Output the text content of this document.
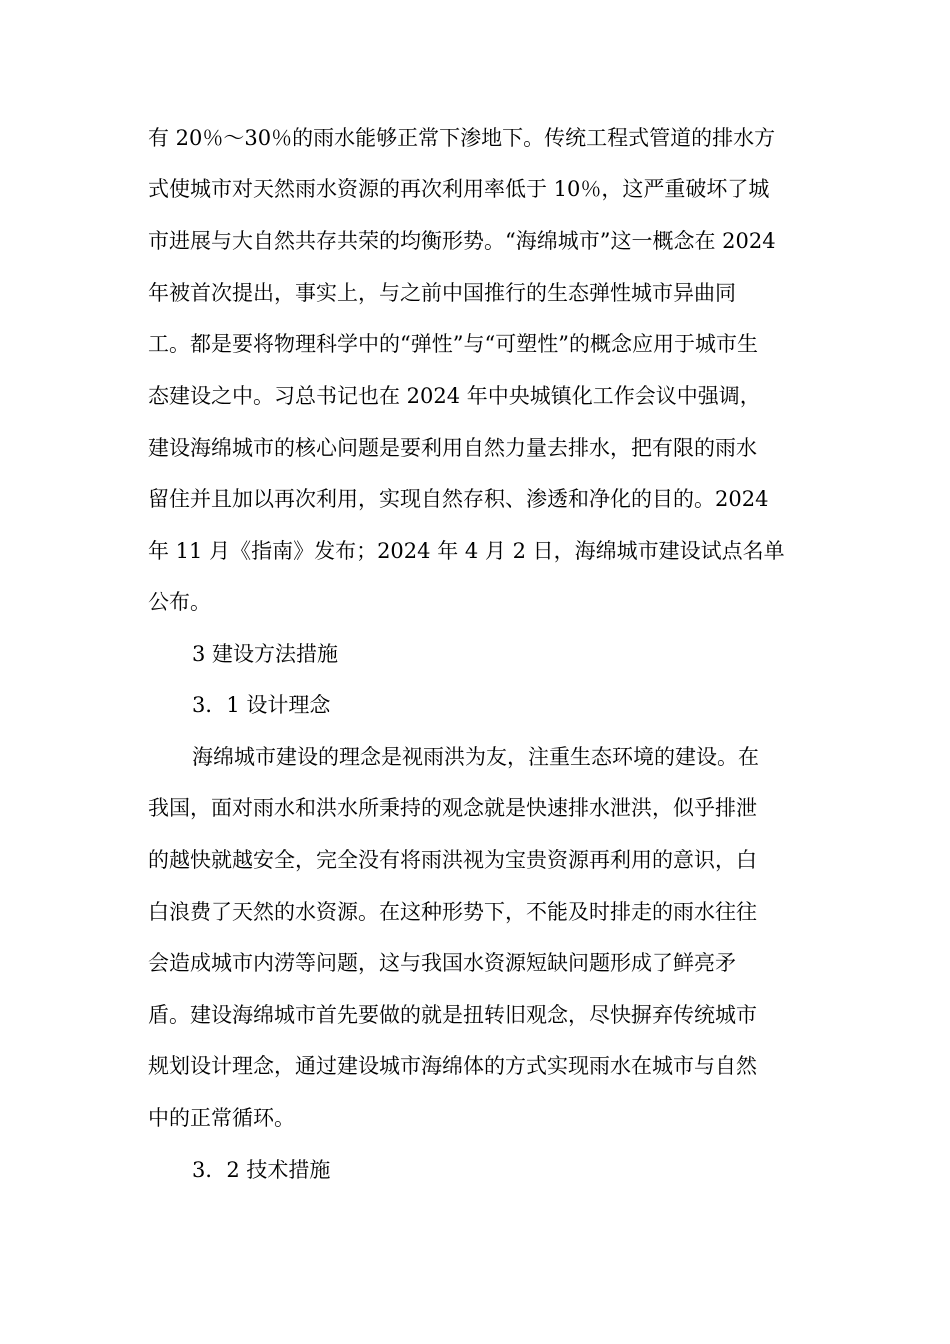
有 20％～30％的雨水能够正常下渗地下。传统工程式管道的排水方
式使城市对天然雨水资源的再次利用率低于 10％，这严重破坏了城
市进展与大自然共存共荣的均衡形势。“海绵城市”这一概念在 2024
年被首次提出，事实上，与之前中国推行的生态弹性城市异曲同
工。都是要将物理科学中的“弹性”与“可塑性”的概念应用于城市生
态建设之中。习总书记也在 2024 年中央城镇化工作会议中强调，
建设海绵城市的核心问题是要利用自然力量去排水，把有限的雨水
留住并且加以再次利用，实现自然存积、渗透和净化的目的。2024
年 11 月《指南》发布；2024 年 4 月 2 日，海绵城市建设试点名单
公布。
3 建设方法措施
3．1 设计理念
海绵城市建设的理念是视雨洪为友，注重生态环境的建设。在
我国，面对雨水和洪水所秉持的观念就是快速排水泄洪，似乎排泄
的越快就越安全，完全没有将雨洪视为宝贵资源再利用的意识，白
白浪费了天然的水资源。在这种形势下，不能及时排走的雨水往往
会造成城市内涝等问题，这与我国水资源短缺问题形成了鲜亮矛
盾。建设海绵城市首先要做的就是扭转旧观念，尽快摒弃传统城市
规划设计理念，通过建设城市海绵体的方式实现雨水在城市与自然
中的正常循环。
3．2 技术措施
